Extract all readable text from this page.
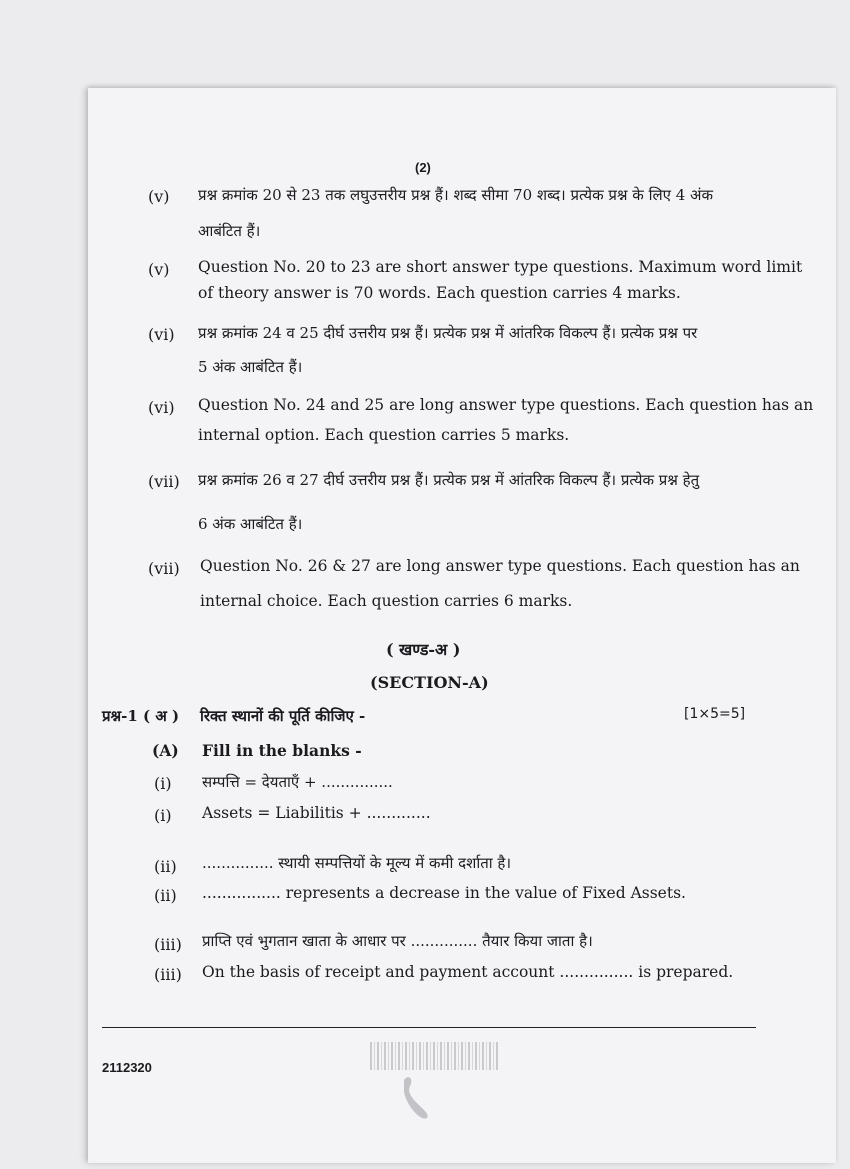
(2)
(v) प्रश्न क्रमांक 20 से 23 तक लघुउत्तरीय प्रश्न हैं। शब्द सीमा 70 शब्द। प्रत्येक प्रश्न के लिए 4 अंक
आबंटित हैं।
(v) Question No. 20 to 23 are short answer type questions. Maximum word limit
of theory answer is 70 words. Each question carries 4 marks.
(vi) प्रश्न क्रमांक 24 व 25 दीर्घ उत्तरीय प्रश्न हैं। प्रत्येक प्रश्न में आंतरिक विकल्प हैं। प्रत्येक प्रश्न पर
5 अंक आबंटित हैं।
(vi) Question No. 24 and 25 are long answer type questions. Each question has an
internal option. Each question carries 5 marks.
(vii) प्रश्न क्रमांक 26 व 27 दीर्घ उत्तरीय प्रश्न हैं। प्रत्येक प्रश्न में आंतरिक विकल्प हैं। प्रत्येक प्रश्न हेतु
6 अंक आबंटित हैं।
(vii) Question No. 26 & 27 are long answer type questions. Each question has an
internal choice. Each question carries 6 marks.
( खण्ड-अ )
(SECTION-A)
प्रश्न-1 ( अ ) रिक्त स्थानों की पूर्ति कीजिए -	[1×5=5]
(A) Fill in the blanks -
(i) सम्पत्ति = देयताएँ + ...............
(i) Assets = Liabilitis + .............
(ii) ............... स्थायी सम्पत्तियों के मूल्य में कमी दर्शाता है।
(ii) ................ represents a decrease in the value of Fixed Assets.
(iii) प्राप्ति एवं भुगतान खाता के आधार पर .............. तैयार किया जाता है।
(iii) On the basis of receipt and payment account ............... is prepared.
2112320
